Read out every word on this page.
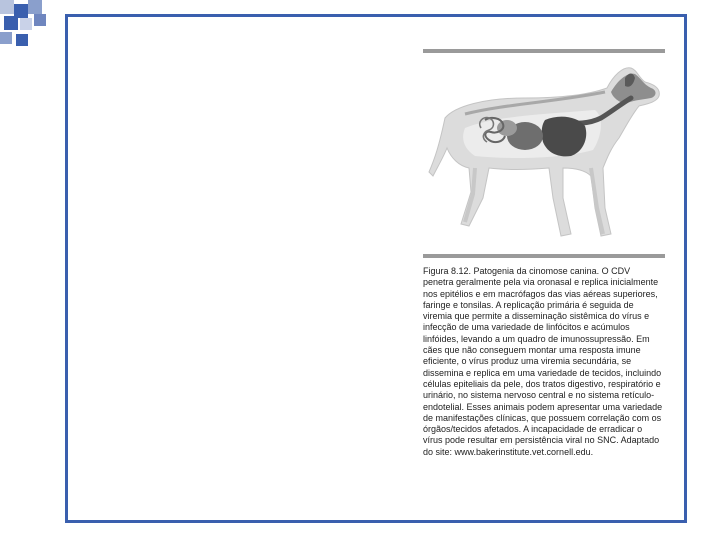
Figura 8.12. Patogenia da cinomose canina. O CDV penetra geralmente pela via oronasal e replica inicialmente nos epitélios e em macrófagos das vias aéreas superiores, faringe e tonsilas. A replicação primária é seguida de viremia que permite a disseminação sistêmica do vírus e infecção de uma variedade de linfócitos e acúmulos linfóides, levando a um quadro de imunossupressão. Em cães que não conseguem montar uma resposta imune eficiente, o vírus produz uma viremia secundária, se dissemina e replica em uma variedade de tecidos, incluindo células epiteliais da pele, dos tratos digestivo, respiratório e urinário, no sistema nervoso central e no sistema retículo-endotelial. Esses animais podem apresentar uma variedade de manifestações clínicas, que possuem correlação com os órgãos/tecidos afetados. A incapacidade de erradicar o vírus pode resultar em persistência viral no SNC. Adaptado do site: www.bakerinstitute.vet.cornell.edu.
